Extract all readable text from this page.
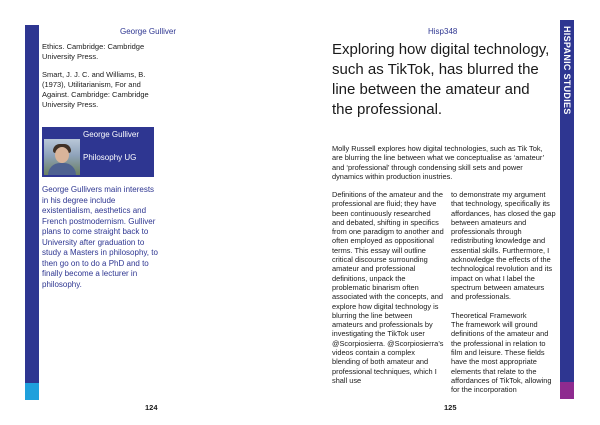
George Gulliver

Ethics. Cambridge: Cambridge University Press.

Smart, J. J. C. and Williams, B. (1973), Utilitarianism, For and Against. Cambridge: Cambridge University Press.

George Gulliver
Philosophy UG
George Gullivers main interests in his degree include existentialism, aesthetics and French postmodernism. Gulliver plans to come straight back to University after graduation to study a Masters in philosophy, to then go on to do a PhD and to finally become a lecturer in philosophy.
124
HISPANIC STUDIES
Hisp348
Exploring how digital technology, such as TikTok, has blurred the line between the amateur and the professional.
Molly Russell explores how digital technologies, such as Tik Tok, are blurring the line between what we conceptualise as ‘amateur’ and ‘professional’ through condensing skill sets and power dynamics within production inustries.
Definitions of the amateur and the professional are fluid; they have been continuously researched and debated, shifting in specifics from one paradigm to another and often employed as oppositional terms. This essay will outline critical discourse surrounding amateur and professional definitions, unpack the problematic binarism often associated with the concepts, and explore how digital technology is blurring the line between amateurs and professionals by investigating the TikTok user @Scorpiosierra. @Scorpiosierra’s videos contain a complex blending of both amateur and professional techniques, which I shall use

to demonstrate my argument that technology, specifically its affordances, has closed the gap between amateurs and professionals through redistributing knowledge and essential skills. Furthermore, I acknowledge the effects of the technological revolution and its impact on what I label the spectrum between amateurs and professionals.

Theoretical Framework

The framework will ground definitions of the amateur and the professional in relation to film and leisure. These fields have the most appropriate elements that relate to the affordances of TikTok, allowing for the incorporation

125
